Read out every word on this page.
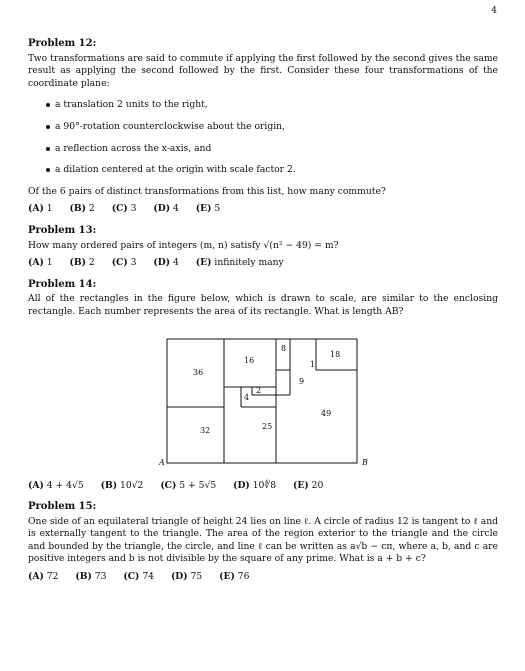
4
Problem 12:

Two transformations are said to commute if applying the first followed by the second gives the same result as applying the second followed by the first. Consider these four transformations of the coordinate plane:

a translation 2 units to the right,
a 90°-rotation counterclockwise about the origin,
a reflection across the x-axis, and
a dilation centered at the origin with scale factor 2.

Of the 6 pairs of distinct transformations from this list, how many commute?

(A) 1 (B) 2 (C) 3 (D) 4 (E) 5
Problem 13:

How many ordered pairs of integers (m, n) satisfy √(n² − 49) = m?

(A) 1 (B) 2 (C) 3 (D) 4 (E) infinitely many
Problem 14:

All of the rectangles in the figure below, which is drawn to scale, are similar to the enclosing rectangle. Each number represents the area of its rectangle. What is length AB?

36
16
8
18
1
9
2
4
32	25
49
A	B
(A) 4 + 4√5 (B) 10√2 (C) 5 + 5√5 (D) 10∜8 (E) 20
Problem 15:

One side of an equilateral triangle of height 24 lies on line ℓ. A circle of radius 12 is tangent to ℓ and is externally tangent to the triangle. The area of the region exterior to the triangle and the circle and bounded by the triangle, the circle, and line ℓ can be written as a√b − cπ, where a, b, and c are positive integers and b is not divisible by the square of any prime. What is a + b + c?

(A) 72 (B) 73 (C) 74 (D) 75 (E) 76
